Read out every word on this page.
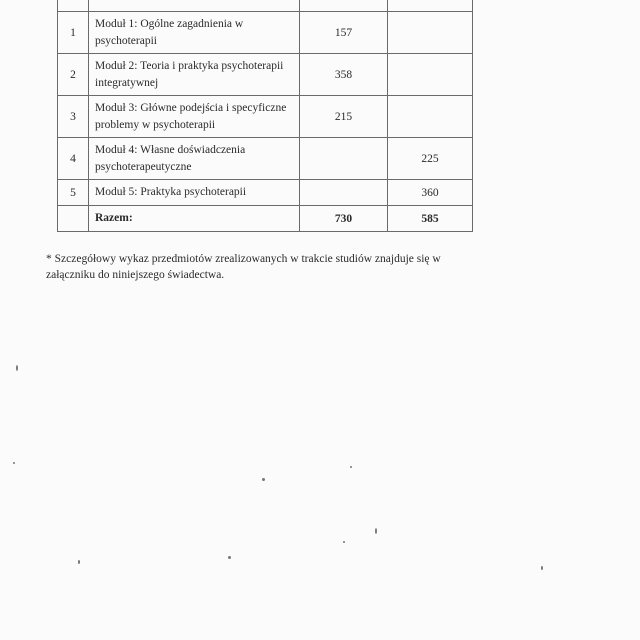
1	Moduł 1: Ogólne zagadnienia w psychoterapii	157	
2	Moduł 2: Teoria i praktyka psychoterapii integratywnej	358	
3	Moduł 3: Główne podejścia i specyficzne problemy w psychoterapii	215	
4	Moduł 4: Własne doświadczenia psychoterapeutyczne		225
5	Moduł 5: Praktyka psychoterapii		360
	Razem:	730	585
* Szczegółowy wykaz przedmiotów zrealizowanych w trakcie studiów znajduje się w załączniku do niniejszego świadectwa.
